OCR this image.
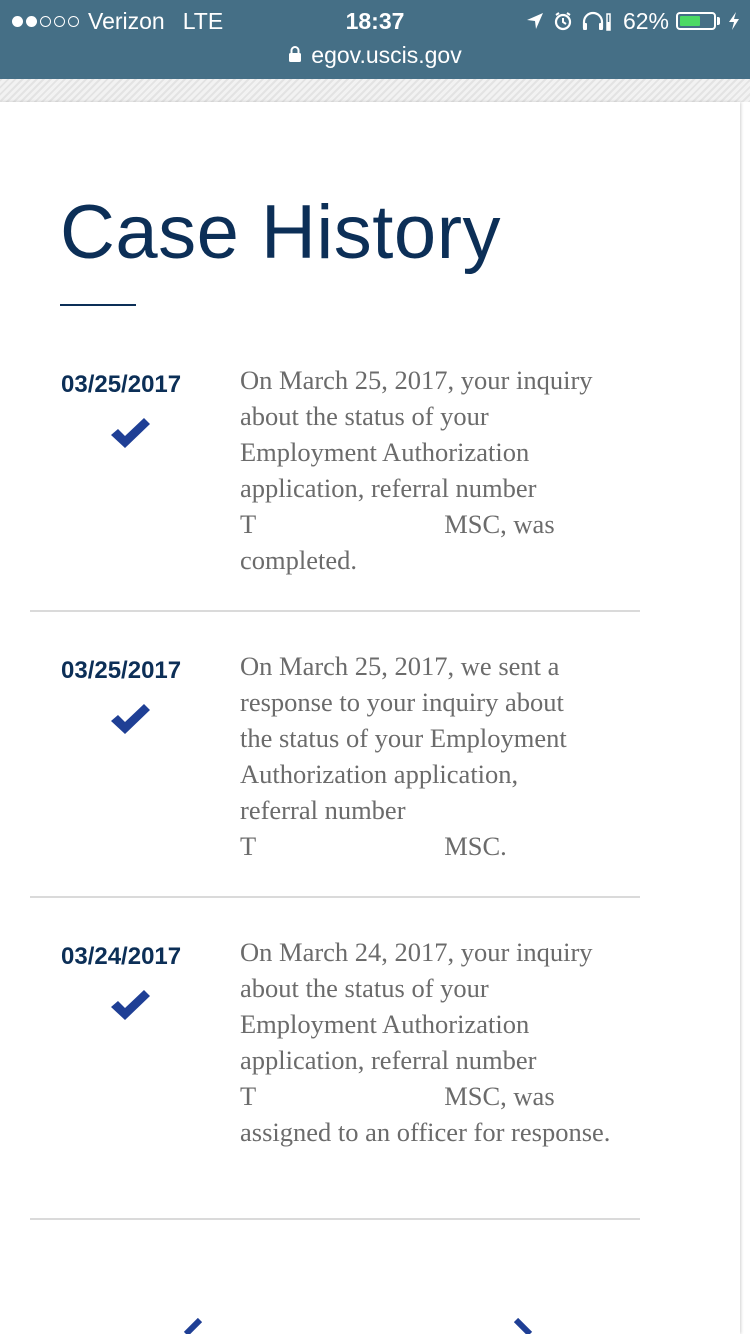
Verizon LTE	18:37	62%
egov.uscis.gov
Case History
03/25/2017 On March 25, 2017, your inquiry
about the status of your
Employment Authorization
application, referral number
T	MSC, was
completed.

03/25/2017 On March 25, 2017, we sent a
response to your inquiry about
the status of your Employment
Authorization application,
referral number
T	MSC.

03/24/2017 On March 24, 2017, your inquiry
about the status of your
Employment Authorization
application, referral number
T	MSC, was
assigned to an officer for response.
